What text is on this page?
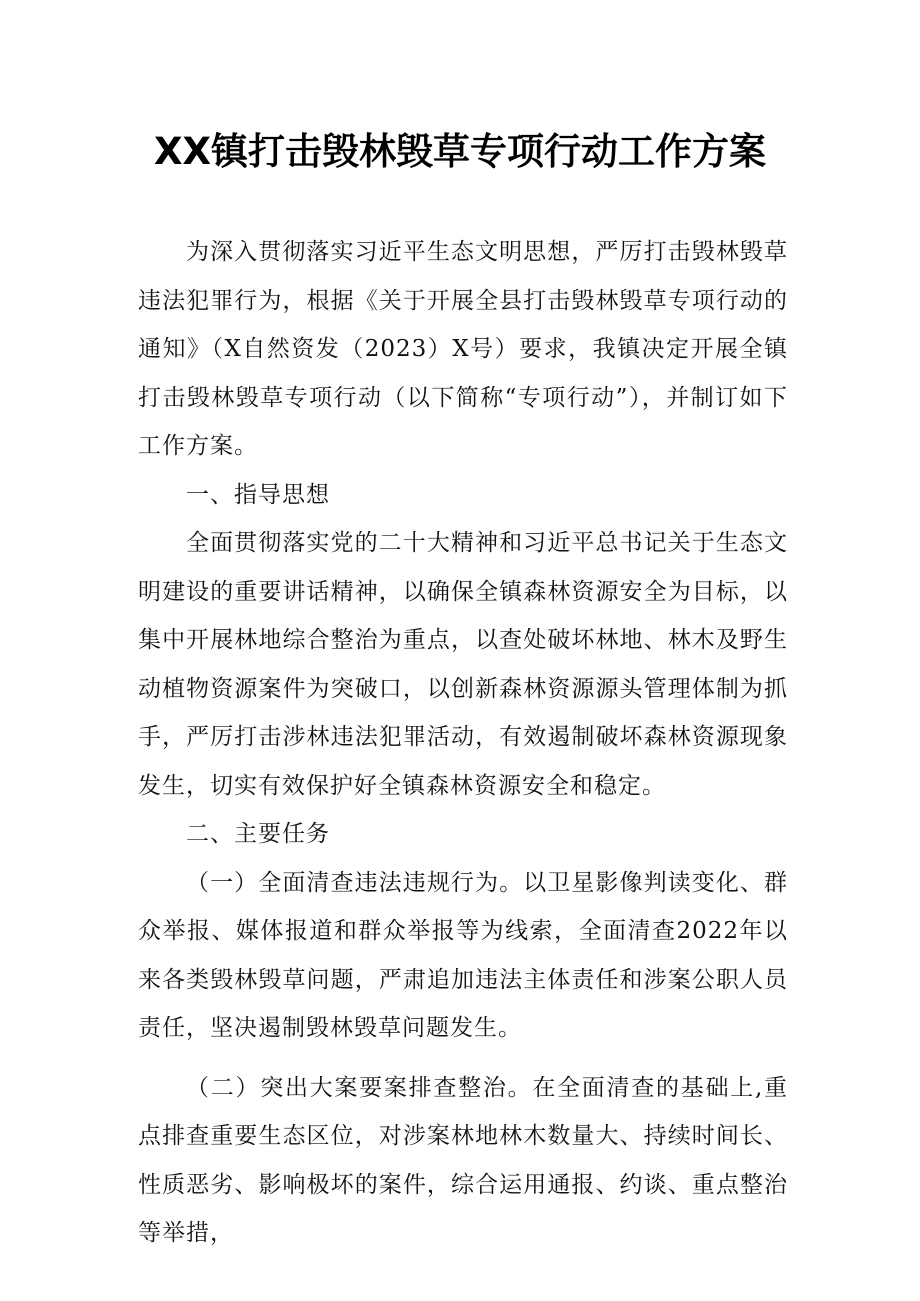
XX镇打击毁林毁草专项行动工作方案

为深入贯彻落实习近平生态文明思想，严厉打击毁林毁草违法犯罪行为，根据《关于开展全县打击毁林毁草专项行动的通知》（X自然资发（2023）X号）要求，我镇决定开展全镇打击毁林毁草专项行动（以下简称“专项行动”），并制订如下工作方案。

一、指导思想

全面贯彻落实党的二十大精神和习近平总书记关于生态文明建设的重要讲话精神，以确保全镇森林资源安全为目标，以集中开展林地综合整治为重点，以查处破坏林地、林木及野生动植物资源案件为突破口，以创新森林资源源头管理体制为抓手，严厉打击涉林违法犯罪活动，有效遏制破坏森林资源现象发生，切实有效保护好全镇森林资源安全和稳定。

二、主要任务

（一）全面清查违法违规行为。以卫星影像判读变化、群众举报、媒体报道和群众举报等为线索，全面清查2022年以来各类毁林毁草问题，严肃追加违法主体责任和涉案公职人员责任，坚决遏制毁林毁草问题发生。

（二）突出大案要案排查整治。在全面清查的基础上,重点排查重要生态区位，对涉案林地林木数量大、持续时间长、性质恶劣、影响极坏的案件，综合运用通报、约谈、重点整治等举措，
